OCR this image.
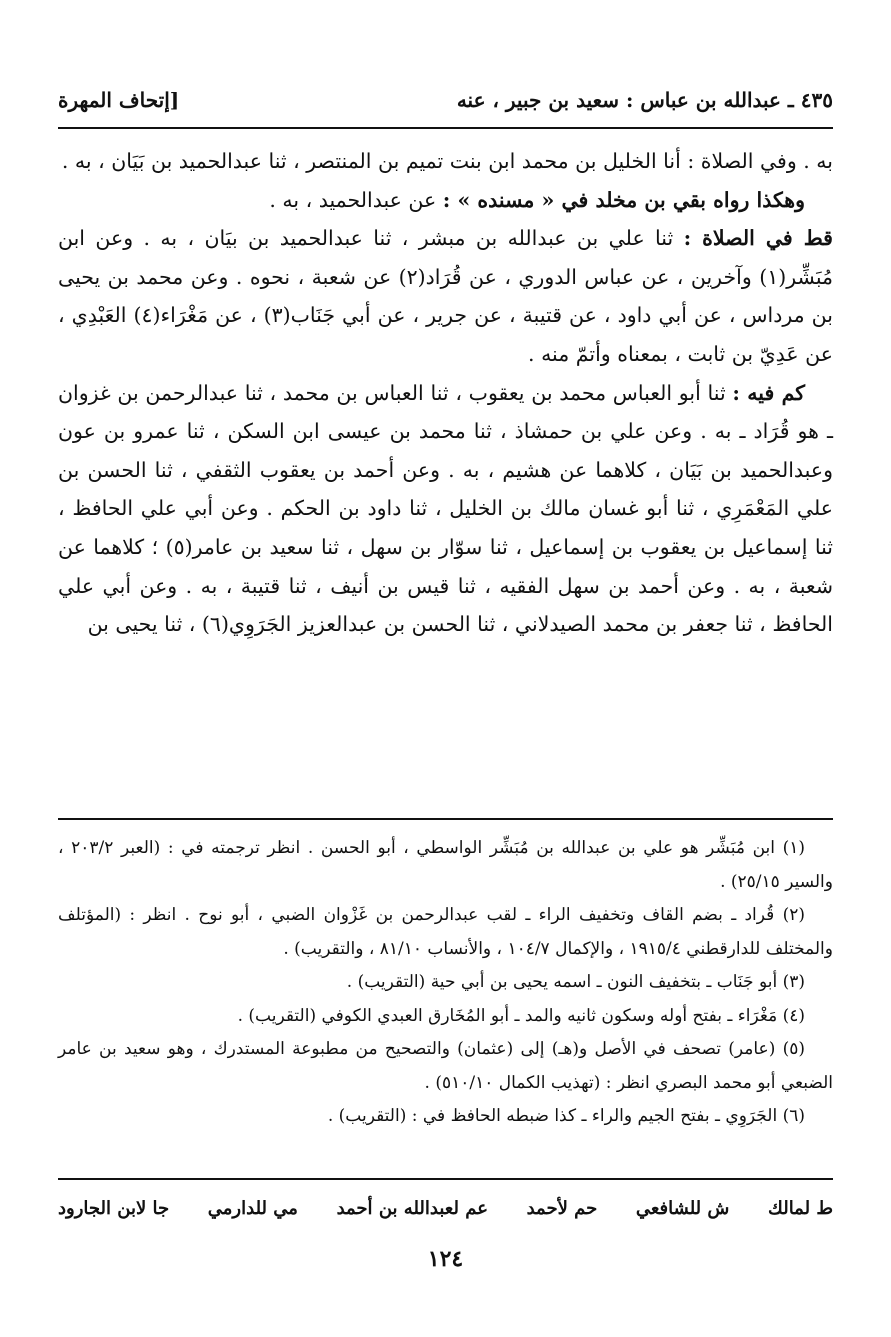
٤٣٥ ـ عبدالله بن عباس : سعيد بن جبير ، عنه
[إتحاف المهرة

به . وفي الصلاة : أنا الخليل بن محمد ابن بنت تميم بن المنتصر ، ثنا عبدالحميد بن بَيَان ، به .

وهكذا رواه بقي بن مخلد في « مسنده » : عن عبدالحميد ، به .

قط في الصلاة : ثنا علي بن عبدالله بن مبشر ، ثنا عبدالحميد بن بيَان ، به . وعن ابن مُبَشِّر(١) وآخرين ، عن عباس الدوري ، عن قُرَاد(٢) عن شعبة ، نحوه . وعن محمد بن يحيى بن مرداس ، عن أبي داود ، عن قتيبة ، عن جرير ، عن أبي جَنَاب(٣) ، عن مَغْرَاء(٤) العَبْدِي ، عن عَدِيّ بن ثابت ، بمعناه وأتمّ منه .

كم فيه : ثنا أبو العباس محمد بن يعقوب ، ثنا العباس بن محمد ، ثنا عبدالرحمن بن غزوان ـ هو قُرَاد ـ به . وعن علي بن حمشاذ ، ثنا محمد بن عيسى ابن السكن ، ثنا عمرو بن عون وعبدالحميد بن بَيَان ، كلاهما عن هشيم ، به . وعن أحمد بن يعقوب الثقفي ، ثنا الحسن بن علي المَعْمَرِي ، ثنا أبو غسان مالك بن الخليل ، ثنا داود بن الحكم . وعن أبي علي الحافظ ، ثنا إسماعيل بن يعقوب بن إسماعيل ، ثنا سوّار بن سهل ، ثنا سعيد بن عامر(٥) ؛ كلاهما عن شعبة ، به . وعن أحمد بن سهل الفقيه ، ثنا قيس بن أنيف ، ثنا قتيبة ، به . وعن أبي علي الحافظ ، ثنا جعفر بن محمد الصيدلاني ، ثنا الحسن بن عبدالعزيز الجَرَوِي(٦) ، ثنا يحيى بن

(١) ابن مُبَشِّر هو علي بن عبدالله بن مُبَشِّر الواسطي ، أبو الحسن . انظر ترجمته في : (العبر ٢٠٣/٢ ، والسير ٢٥/١٥) .

(٢) قُراد ـ بضم القاف وتخفيف الراء ـ لقب عبدالرحمن بن غَزْوان الضبي ، أبو نوح . انظر : (المؤتلف والمختلف للدارقطني ١٩١٥/٤ ، والإكمال ١٠٤/٧ ، والأنساب ٨١/١٠ ، والتقريب) .

(٣) أبو جَنَاب ـ بتخفيف النون ـ اسمه يحيى بن أبي حية (التقريب) .

(٤) مَغْرَاء ـ بفتح أوله وسكون ثانيه والمد ـ أبو المُخَارق العبدي الكوفي (التقريب) .

(٥) (عامر) تصحف في الأصل و(هـ) إلى (عثمان) والتصحيح من مطبوعة المستدرك ، وهو سعيد بن عامر الضبعي أبو محمد البصري انظر : (تهذيب الكمال ٥١٠/١٠) .

(٦) الجَرَوِي ـ بفتح الجيم والراء ـ كذا ضبطه الحافظ في : (التقريب) .

ط لمالك
ش للشافعي
حم لأحمد
عم لعبدالله بن أحمد
مي للدارمي
جا لابن الجارود
١٢٤
